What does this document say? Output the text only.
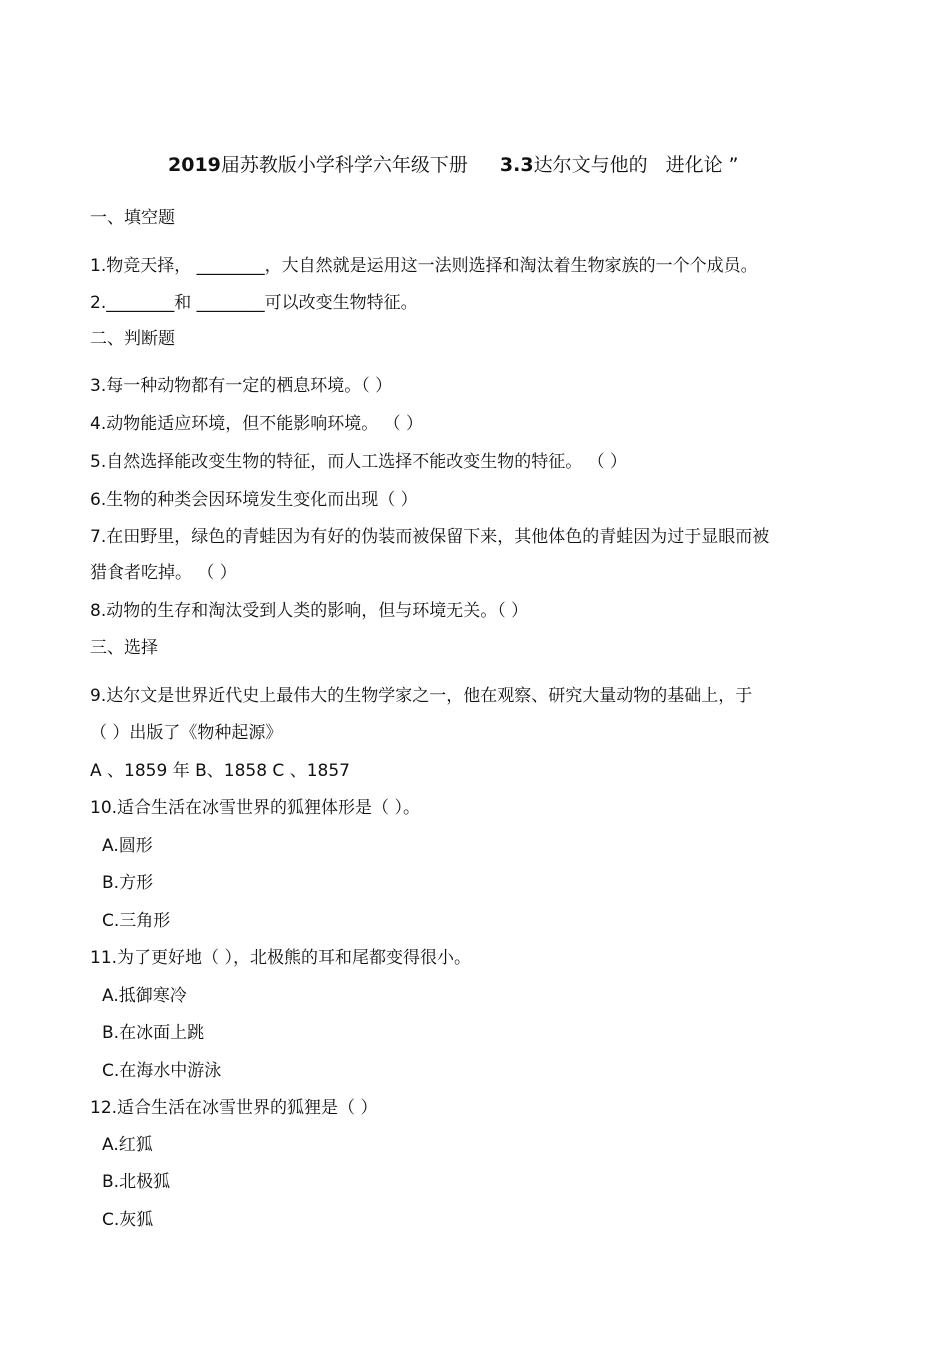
2019届苏教版小学科学六年级下册 3.3达尔文与他的 进化论 ”
一、填空题
1.物竞天择， ________，大自然就是运用这一法则选择和淘汰着生物家族的一个个成员。
2.________和 ________可以改变生物特征。
二、判断题
3.每一种动物都有一定的栖息环境。（ ）
4.动物能适应环境，但不能影响环境。 （ ）
5.自然选择能改变生物的特征，而人工选择不能改变生物的特征。 （ ）
6.生物的种类会因环境发生变化而出现（ ）
7.在田野里，绿色的青蛙因为有好的伪装而被保留下来，其他体色的青蛙因为过于显眼而被
猎食者吃掉。 （ ）
8.动物的生存和淘汰受到人类的影响，但与环境无关。（ ）
三、选择
9.达尔文是世界近代史上最伟大的生物学家之一，他在观察、研究大量动物的基础上，于
（ ）出版了《物种起源》
A 、1859 年 B、1858 C 、1857
10.适合生活在冰雪世界的狐狸体形是（ ）。
A.圆形
B.方形
C.三角形
11.为了更好地（ ），北极熊的耳和尾都变得很小。
A.抵御寒冷
B.在冰面上跳
C.在海水中游泳
12.适合生活在冰雪世界的狐狸是（ ）
A.红狐
B.北极狐
C.灰狐
